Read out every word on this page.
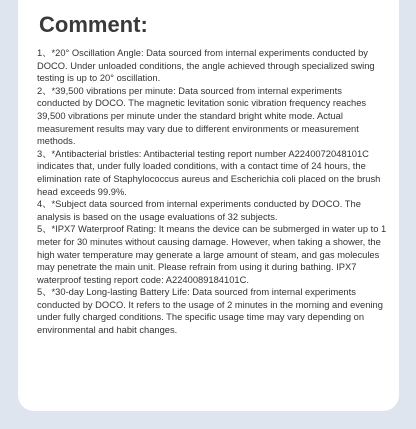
Comment:
1、*20° Oscillation Angle: Data sourced from internal experiments conducted by DOCO. Under unloaded conditions, the angle achieved through specialized swing testing is up to 20° oscillation.
2、*39,500 vibrations per minute: Data sourced from internal experiments conducted by DOCO. The magnetic levitation sonic vibration frequency reaches 39,500 vibrations per minute under the standard bright white mode. Actual measurement results may vary due to different environments or measurement methods.
3、*Antibacterial bristles: Antibacterial testing report number A2240072048101C indicates that, under fully loaded conditions, with a contact time of 24 hours, the elimination rate of Staphylococcus aureus and Escherichia coli placed on the brush head exceeds 99.9%.
4、*Subject data sourced from internal experiments conducted by DOCO. The analysis is based on the usage evaluations of 32 subjects.
5、*IPX7 Waterproof Rating: It means the device can be submerged in water up to 1 meter for 30 minutes without causing damage. However, when taking a shower, the high water temperature may generate a large amount of steam, and gas molecules may penetrate the main unit. Please refrain from using it during bathing. IPX7 waterproof testing report code: A2240089184101C.
5、*30-day Long-lasting Battery Life: Data sourced from internal experiments conducted by DOCO. It refers to the usage of 2 minutes in the morning and evening under fully charged conditions. The specific usage time may vary depending on environmental and habit changes.
